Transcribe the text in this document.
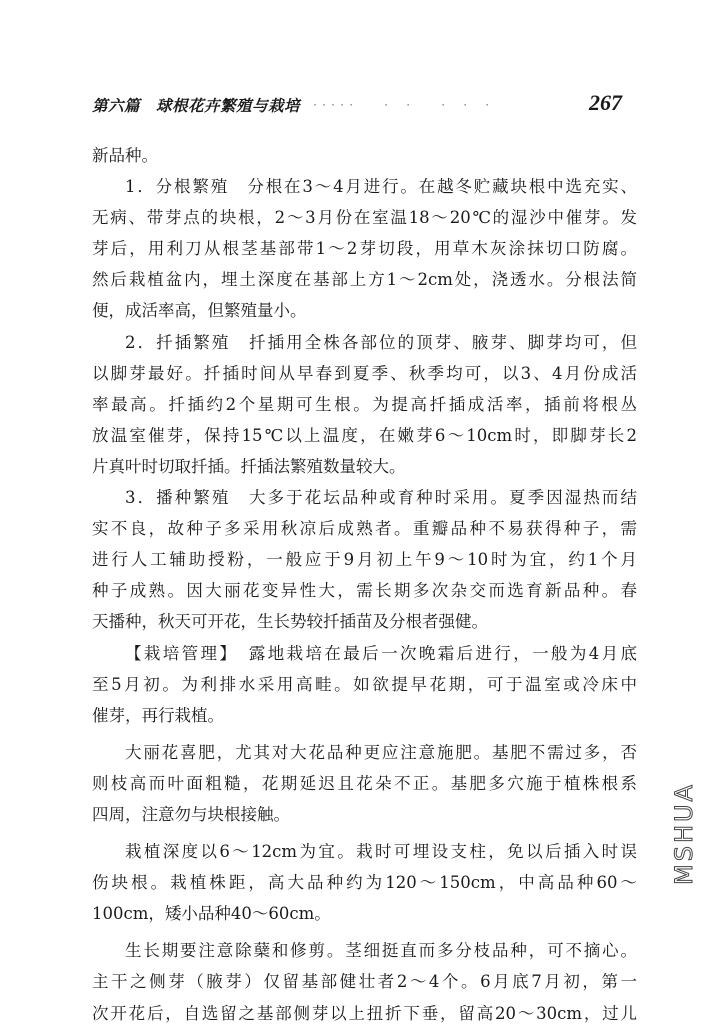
第六篇　球根花卉繁殖与栽培 ·····　　·　·　　·　·　·	267
新品种。
1．分根繁殖　分根在3～4月进行。在越冬贮藏块根中选充实、
无病、带芽点的块根，2～3月份在室温18～20℃的湿沙中催芽。发
芽后，用利刀从根茎基部带1～2芽切段，用草木灰涂抹切口防腐。
然后栽植盆内，埋土深度在基部上方1～2cm处，浇透水。分根法简
便，成活率高，但繁殖量小。
2．扦插繁殖　扦插用全株各部位的顶芽、腋芽、脚芽均可，但
以脚芽最好。扦插时间从早春到夏季、秋季均可，以3、4月份成活
率最高。扦插约2个星期可生根。为提高扦插成活率，插前将根丛
放温室催芽，保持15℃以上温度，在嫩芽6～10cm时，即脚芽长2
片真叶时切取扦插。扦插法繁殖数量较大。
3．播种繁殖　大多于花坛品种或育种时采用。夏季因湿热而结
实不良，故种子多采用秋凉后成熟者。重瓣品种不易获得种子，需
进行人工辅助授粉，一般应于9月初上午9～10时为宜，约1个月
种子成熟。因大丽花变异性大，需长期多次杂交而选育新品种。春
天播种，秋天可开花，生长势较扦插苗及分根者强健。
【栽培管理】　露地栽培在最后一次晚霜后进行，一般为4月底
至5月初。为利排水采用高畦。如欲提早花期，可于温室或冷床中
催芽，再行栽植。
大丽花喜肥，尤其对大花品种更应注意施肥。基肥不需过多，否
则枝高而叶面粗糙，花期延迟且花朵不正。基肥多穴施于植株根系
四周，注意勿与块根接触。
栽植深度以6～12cm为宜。栽时可埋设支柱，免以后插入时误
伤块根。栽植株距，高大品种约为120～150cm，中高品种60～
100cm，矮小品种40～60cm。
生长期要注意除蘖和修剪。茎细挺直而多分枝品种，可不摘心。
主干之侧芽（腋芽）仅留基部健壮者2～4个。6月底7月初，第一
次开花后，自选留之基部侧芽以上扭折下垂，留高20～30cm，过儿
MSHUA
